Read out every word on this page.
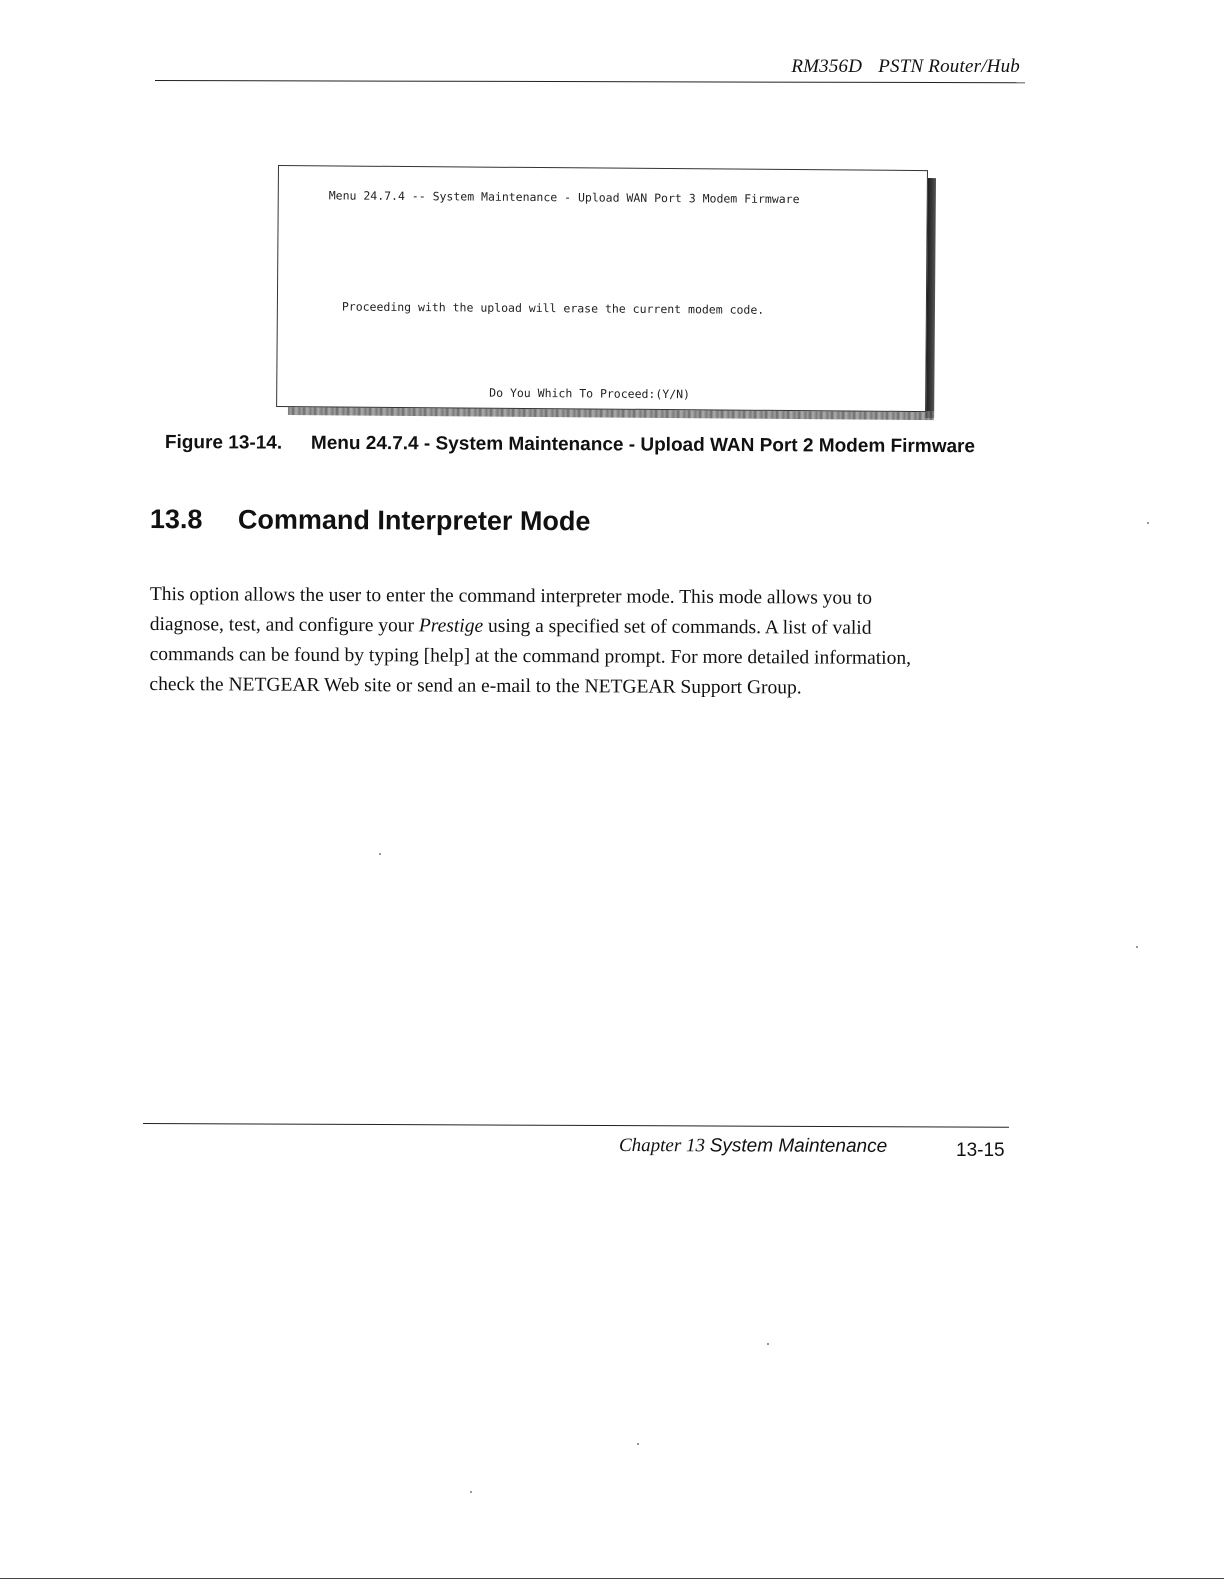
RM356D PSTN Router/Hub
Menu 24.7.4 -- System Maintenance - Upload WAN Port 3 Modem Firmware
Proceeding with the upload will erase the current modem code.
Do You Which To Proceed:(Y/N)
Figure 13-14. Menu 24.7.4 - System Maintenance - Upload WAN Port 2 Modem Firmware
13.8 Command Interpreter Mode
This option allows the user to enter the command interpreter mode. This mode allows you to
diagnose, test, and configure your Prestige using a specified set of commands. A list of valid
commands can be found by typing [help] at the command prompt. For more detailed information,
check the NETGEAR Web site or send an e-mail to the NETGEAR Support Group.
Chapter 13 System Maintenance	13-15
